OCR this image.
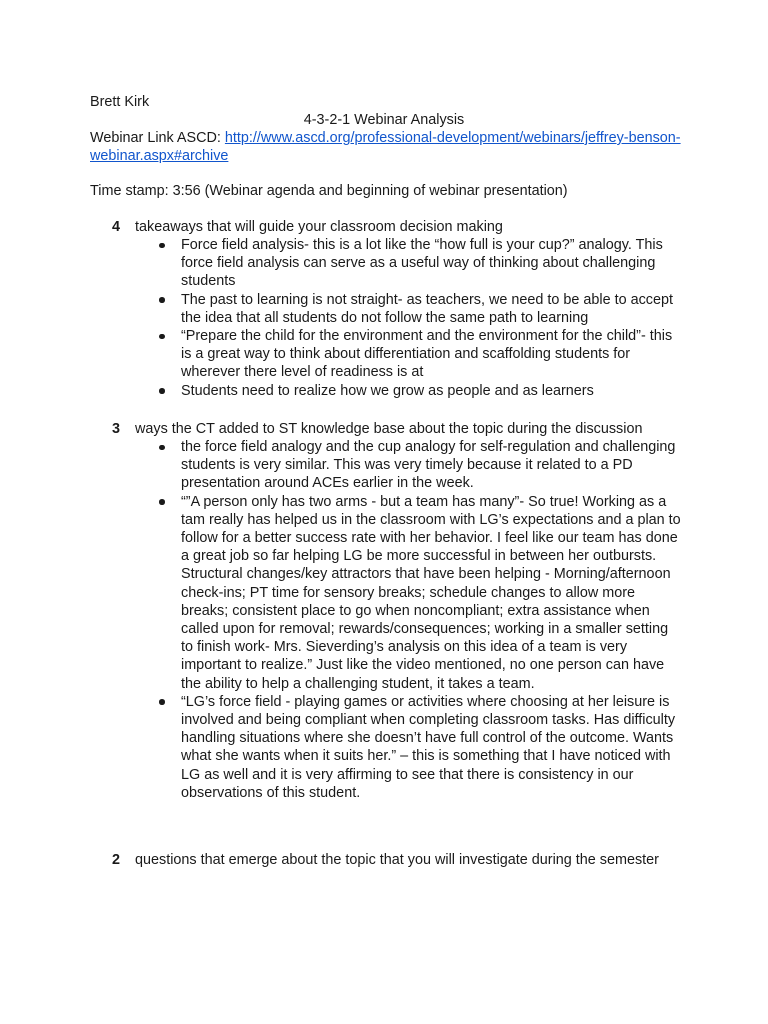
Brett Kirk
4-3-2-1 Webinar Analysis
Webinar Link ASCD: http://www.ascd.org/professional-development/webinars/jeffrey-benson-webinar.aspx#archive
Time stamp: 3:56 (Webinar agenda and beginning of webinar presentation)
4 takeaways that will guide your classroom decision making
Force field analysis- this is a lot like the “how full is your cup?” analogy. This force field analysis can serve as a useful way of thinking about challenging students
The past to learning is not straight- as teachers, we need to be able to accept the idea that all students do not follow the same path to learning
“Prepare the child for the environment and the environment for the child”- this is a great way to think about differentiation and scaffolding students for wherever there level of readiness is at
Students need to realize how we grow as people and as learners
3 ways the CT added to ST knowledge base about the topic during the discussion
the force field analogy and the cup analogy for self-regulation and challenging students is very similar. This was very timely because it related to a PD presentation around ACEs earlier in the week.
“”A person only has two arms - but a team has many”- So true! Working as a tam really has helped us in the classroom with LG’s expectations and a plan to follow for a better success rate with her behavior. I feel like our team has done a great job so far helping LG be more successful in between her outbursts. Structural changes/key attractors that have been helping - Morning/afternoon check-ins; PT time for sensory breaks; schedule changes to allow more breaks; consistent place to go when noncompliant; extra assistance when called upon for removal; rewards/consequences; working in a smaller setting to finish work- Mrs. Sieverding’s analysis on this idea of a team is very important to realize.” Just like the video mentioned, no one person can have the ability to help a challenging student, it takes a team.
“LG’s force field - playing games or activities where choosing at her leisure is involved and being compliant when completing classroom tasks. Has difficulty handling situations where she doesn’t have full control of the outcome. Wants what she wants when it suits her.” – this is something that I have noticed with LG as well and it is very affirming to see that there is consistency in our observations of this student.
2 questions that emerge about the topic that you will investigate during the semester
